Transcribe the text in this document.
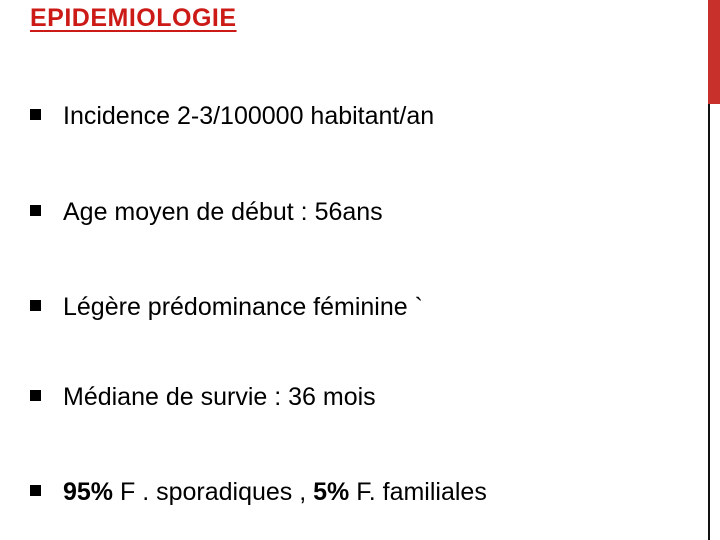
EPIDEMIOLOGIE
Incidence 2-3/100000 habitant/an
Age moyen de début : 56ans
Légère prédominance féminine `
Médiane de survie : 36 mois
95% F . sporadiques , 5% F. familiales
